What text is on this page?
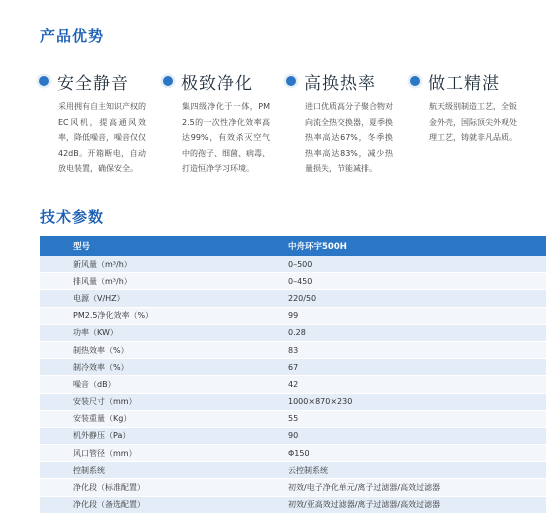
产品优势
安全静音
采用拥有自主知识产权的EC风机，提高通风效率，降低噪音，噪音仅仅42dB。开箱断电，自动放电装置，确保安全。
极致净化
集四级净化于一体，PM2.5的一次性净化效率高达99%，有效杀灭空气中的孢子、细菌、病毒、打造恒净学习环境。
高换热率
进口优质高分子聚合物对向流全热交换器，夏季换热率高达67%，冬季换热率高达83%，减少热量损失，节能减排。
做工精湛
航天级别制造工艺，全钣金外壳，国际顶尖外观处理工艺，铸就非凡品质。
技术参数
型号	中舟环宇500H
新风量（m³/h）	0–500
排风量（m³/h）	0–450
电源（V/HZ）	220/50
PM2.5净化效率（%）	99
功率（KW）	0.28
制热效率（%）	83
制冷效率（%）	67
噪音（dB）	42
安装尺寸（mm）	1000×870×230
安装重量（Kg）	55
机外静压（Pa）	90
风口管径（mm）	Φ150
控制系统	云控制系统
净化段（标准配置）	初效/电子净化单元/离子过滤器/高效过滤器
净化段（备选配置）	初效/亚高效过滤器/离子过滤器/高效过滤器
